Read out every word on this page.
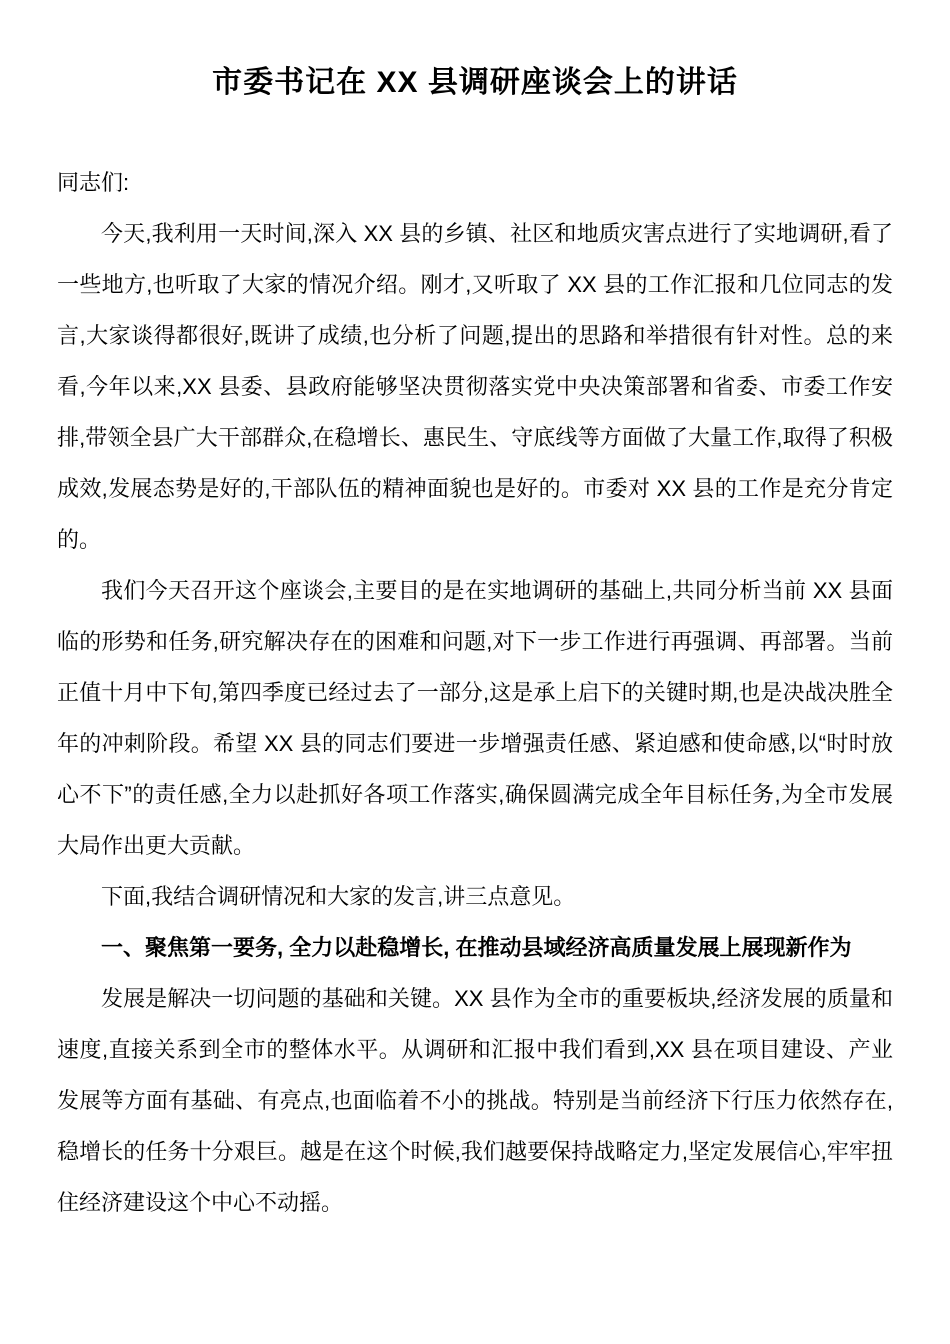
市委书记在 XX 县调研座谈会上的讲话

同志们:

今天,我利用一天时间,深入 XX 县的乡镇、社区和地质灾害点进行了实地调研,看了一些地方,也听取了大家的情况介绍。刚才,又听取了 XX 县的工作汇报和几位同志的发言,大家谈得都很好,既讲了成绩,也分析了问题,提出的思路和举措很有针对性。总的来看,今年以来,XX 县委、县政府能够坚决贯彻落实党中央决策部署和省委、市委工作安排,带领全县广大干部群众,在稳增长、惠民生、守底线等方面做了大量工作,取得了积极成效,发展态势是好的,干部队伍的精神面貌也是好的。市委对 XX 县的工作是充分肯定的。

我们今天召开这个座谈会,主要目的是在实地调研的基础上,共同分析当前 XX 县面临的形势和任务,研究解决存在的困难和问题,对下一步工作进行再强调、再部署。当前正值十月中下旬,第四季度已经过去了一部分,这是承上启下的关键时期,也是决战决胜全年的冲刺阶段。希望 XX 县的同志们要进一步增强责任感、紧迫感和使命感,以“时时放心不下”的责任感,全力以赴抓好各项工作落实,确保圆满完成全年目标任务,为全市发展大局作出更大贡献。

下面,我结合调研情况和大家的发言,讲三点意见。

一、聚焦第一要务, 全力以赴稳增长, 在推动县域经济高质量发展上展现新作为

发展是解决一切问题的基础和关键。XX 县作为全市的重要板块,经济发展的质量和速度,直接关系到全市的整体水平。从调研和汇报中我们看到,XX 县在项目建设、产业发展等方面有基础、有亮点,也面临着不小的挑战。特别是当前经济下行压力依然存在,稳增长的任务十分艰巨。越是在这个时候,我们越要保持战略定力,坚定发展信心,牢牢扭住经济建设这个中心不动摇。
